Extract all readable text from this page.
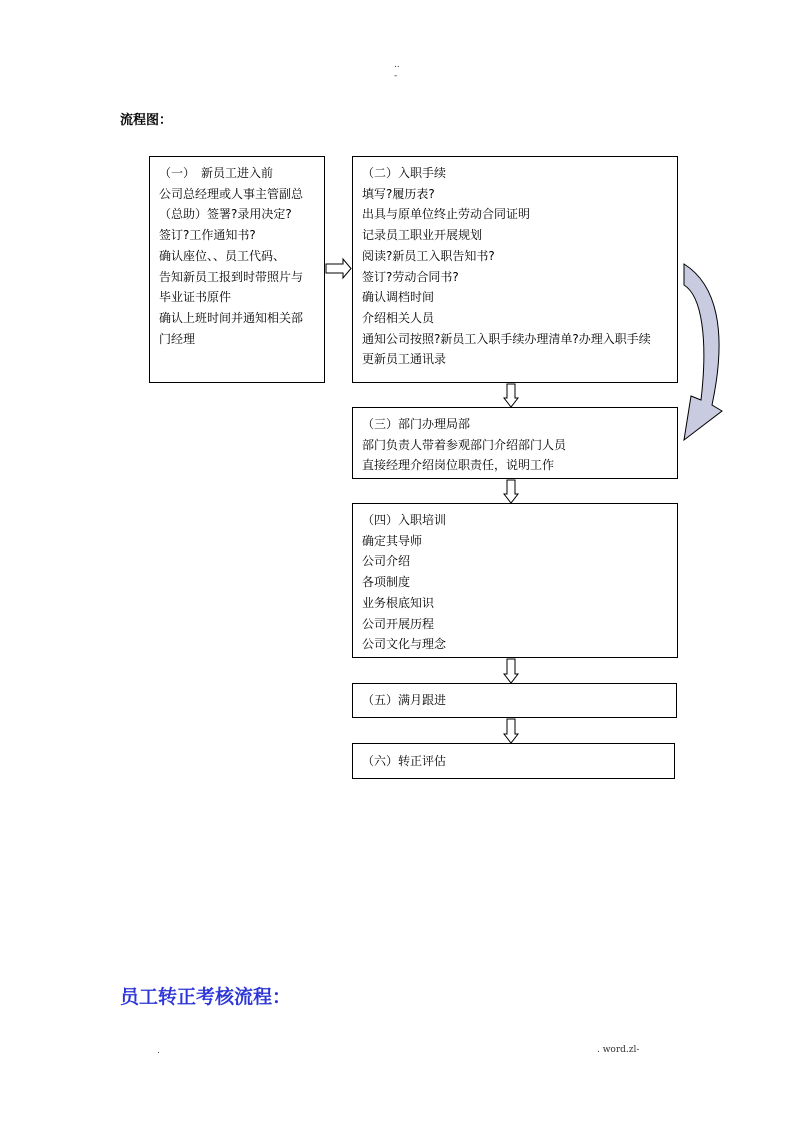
..
-
流程图：
（一）　新员工进入前
公司总经理或人事主管副总
（总助）签署?录用决定?
签订?工作通知书?
确认座位、、员工代码、
告知新员工报到时带照片与
毕业证书原件
确认上班时间并通知相关部
门经理
（二）入职手续
填写?履历表?
出具与原单位终止劳动合同证明
记录员工职业开展规划
阅读?新员工入职告知书?
签订?劳动合同书?
确认调档时间
介绍相关人员
通知公司按照?新员工入职手续办理清单?办理入职手续
更新员工通讯录
（三）部门办理局部
部门负责人带着参观部门介绍部门人员
直接经理介绍岗位职责任，说明工作
（四）入职培训
确定其导师
公司介绍
各项制度
业务根底知识
公司开展历程
公司文化与理念
（五）满月跟进
（六）转正评估
员工转正考核流程：
.	. word.zl-
